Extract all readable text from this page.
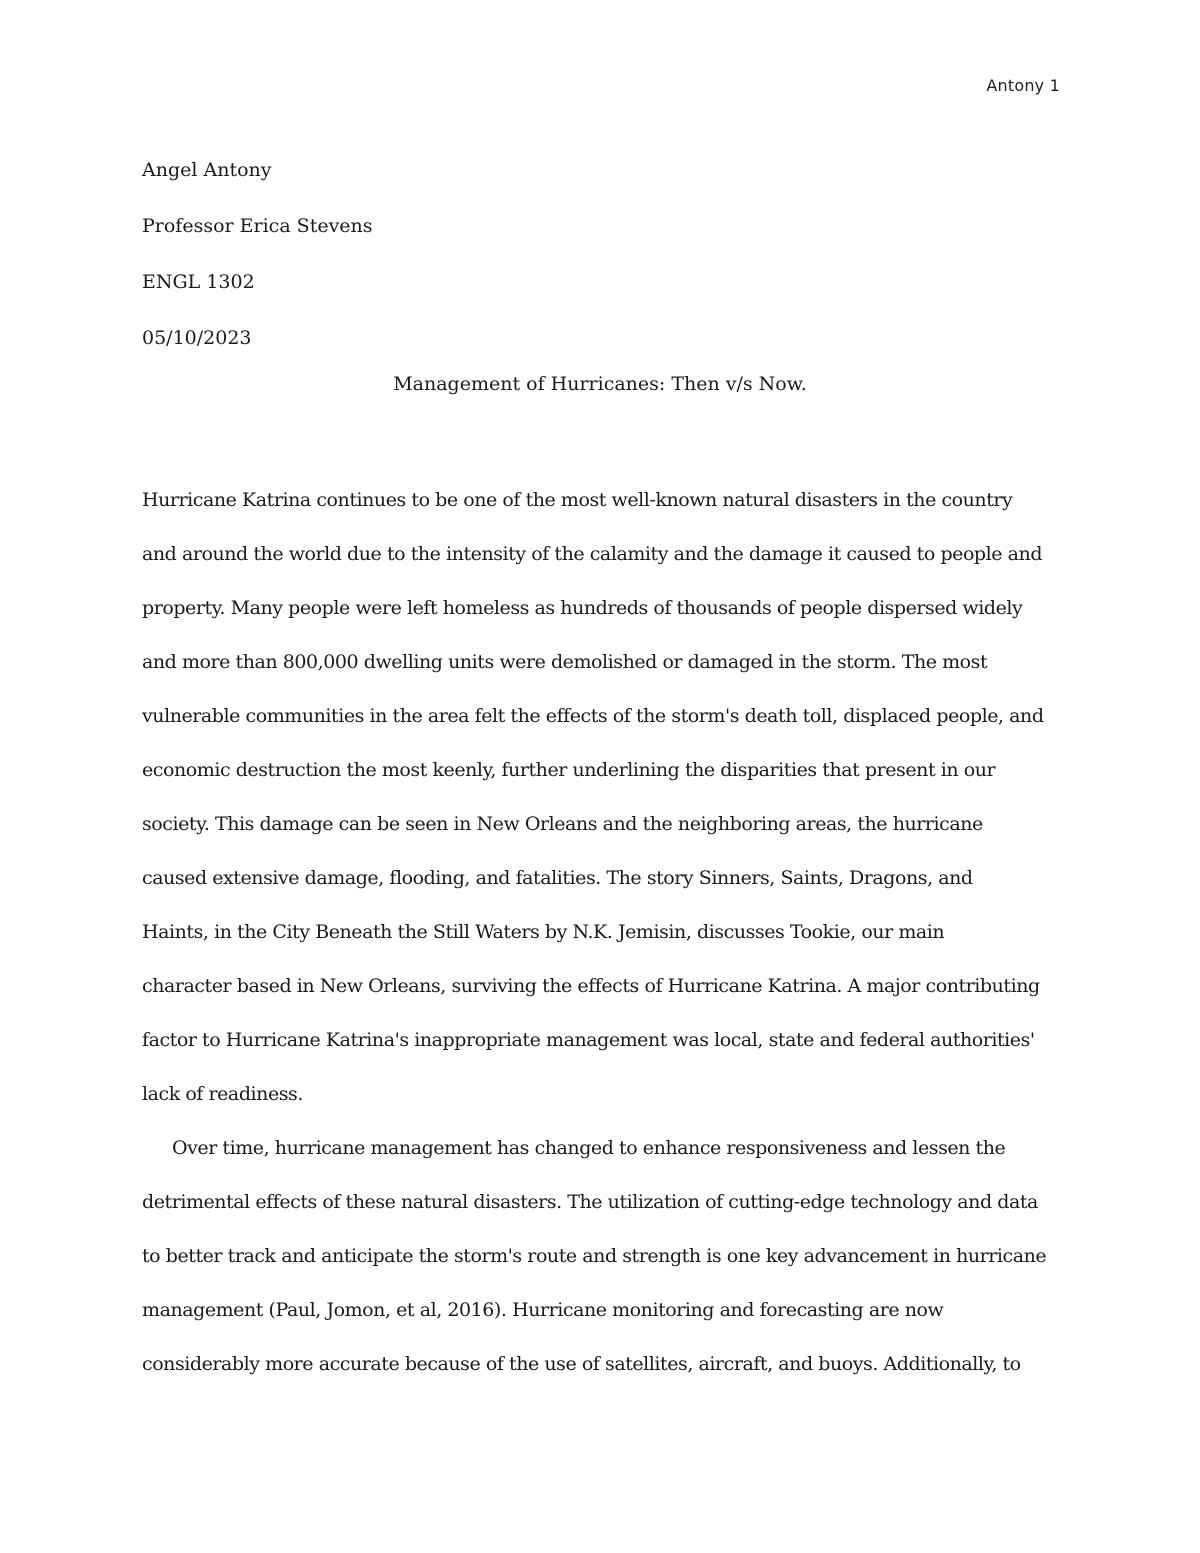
Antony 1
Angel Antony
Professor Erica Stevens
ENGL 1302
05/10/2023
Management of Hurricanes: Then v/s Now.
Hurricane Katrina continues to be one of the most well-known natural disasters in the country
and around the world due to the intensity of the calamity and the damage it caused to people and
property. Many people were left homeless as hundreds of thousands of people dispersed widely
and more than 800,000 dwelling units were demolished or damaged in the storm. The most
vulnerable communities in the area felt the effects of the storm's death toll, displaced people, and
economic destruction the most keenly, further underlining the disparities that present in our
society. This damage can be seen in New Orleans and the neighboring areas, the hurricane
caused extensive damage, flooding, and fatalities. The story Sinners, Saints, Dragons, and
Haints, in the City Beneath the Still Waters by N.K. Jemisin, discusses Tookie, our main
character based in New Orleans, surviving the effects of Hurricane Katrina. A major contributing
factor to Hurricane Katrina's inappropriate management was local, state and federal authorities'
lack of readiness.
Over time, hurricane management has changed to enhance responsiveness and lessen the
detrimental effects of these natural disasters. The utilization of cutting-edge technology and data
to better track and anticipate the storm's route and strength is one key advancement in hurricane
management (Paul, Jomon, et al, 2016). Hurricane monitoring and forecasting are now
considerably more accurate because of the use of satellites, aircraft, and buoys. Additionally, to
